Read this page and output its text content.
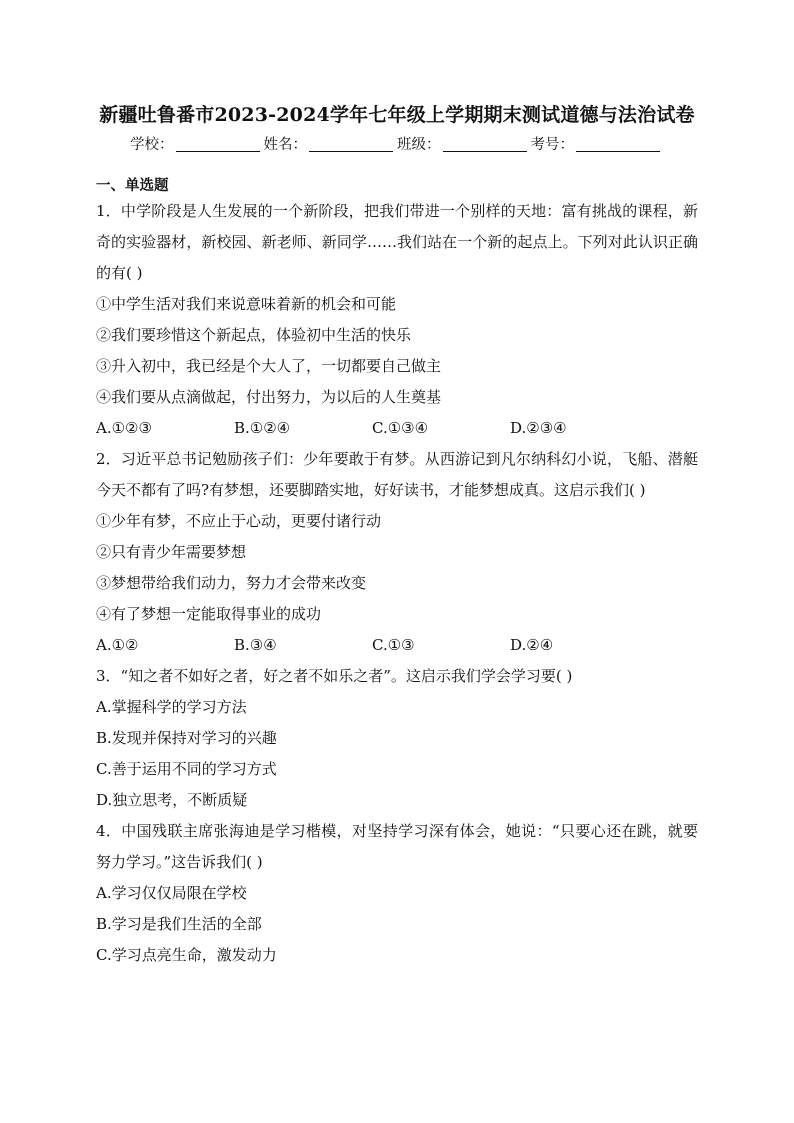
新疆吐鲁番市2023-2024学年七年级上学期期末测试道德与法治试卷
学校：	姓名：	班级：	考号：
一、单选题

1．中学阶段是人生发展的一个新阶段，把我们带进一个别样的天地：富有挑战的课程，新奇的实验器材，新校园、新老师、新同学……我们站在一个新的起点上。下列对此认识正确的有( )

①中学生活对我们来说意味着新的机会和可能

②我们要珍惜这个新起点，体验初中生活的快乐

③升入初中，我已经是个大人了，一切都要自己做主

④我们要从点滴做起，付出努力，为以后的人生奠基

A.①②③	B.①②④	C.①③④	D.②③④

2．习近平总书记勉励孩子们：少年要敢于有梦。从西游记到凡尔纳科幻小说，飞船、潜艇今天不都有了吗?有梦想，还要脚踏实地，好好读书，才能梦想成真。这启示我们( )

①少年有梦，不应止于心动，更要付诸行动

②只有青少年需要梦想

③梦想带给我们动力，努力才会带来改变

④有了梦想一定能取得事业的成功

A.①②	B.③④	C.①③	D.②④

3．“知之者不如好之者，好之者不如乐之者”。这启示我们学会学习要( )

A.掌握科学的学习方法

B.发现并保持对学习的兴趣

C.善于运用不同的学习方式

D.独立思考，不断质疑

4．中国残联主席张海迪是学习楷模，对坚持学习深有体会，她说：“只要心还在跳，就要努力学习。”这告诉我们( )

A.学习仅仅局限在学校

B.学习是我们生活的全部

C.学习点亮生命，激发动力
